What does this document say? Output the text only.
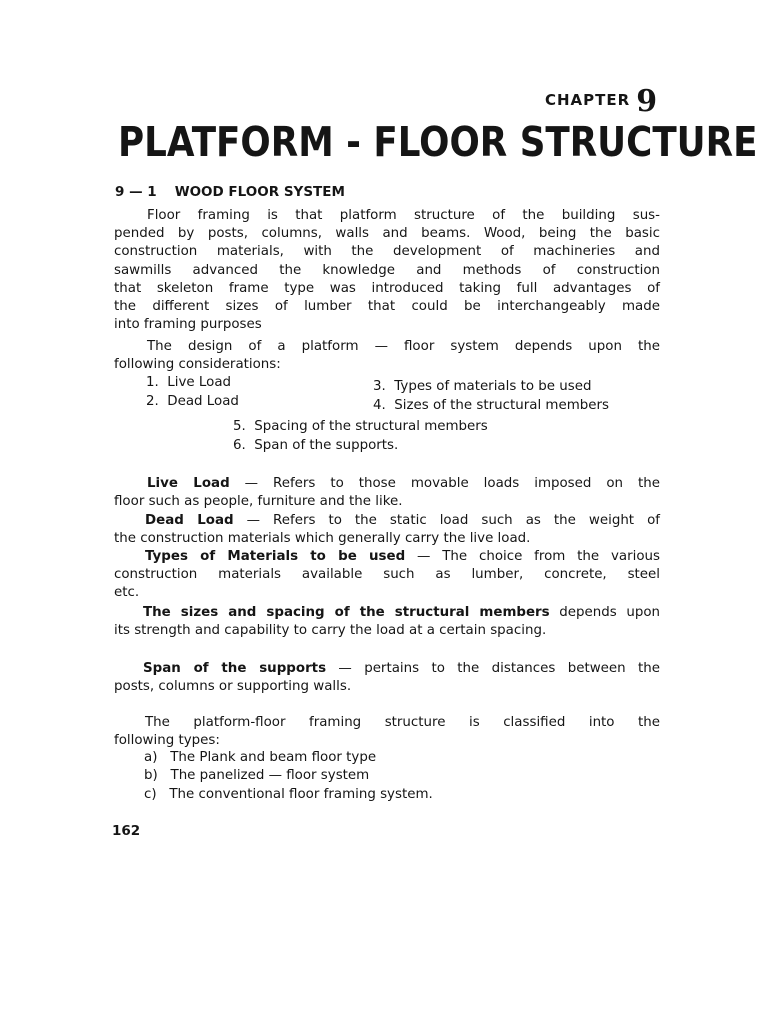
CHAPTER 9
PLATFORM - FLOOR STRUCTURE
9 — 1 WOOD FLOOR SYSTEM
Floor framing is that platform structure of the building sus-
pended by posts, columns, walls and beams. Wood, being the basic
construction materials, with the development of machineries and
sawmills advanced the knowledge and methods of construction
that skeleton frame type was introduced taking full advantages of
the different sizes of lumber that could be interchangeably made
into framing purposes
The design of a platform — floor system depends upon the
following considerations:
1. Live Load
2. Dead Load
3. Types of materials to be used
4. Sizes of the structural members
5. Spacing of the structural members
6. Span of the supports.
Live Load — Refers to those movable loads imposed on the
floor such as people, furniture and the like.
Dead Load — Refers to the static load such as the weight of
the construction materials which generally carry the live load.
Types of Materials to be used — The choice from the various
construction materials available such as lumber, concrete, steel
etc.
The sizes and spacing of the structural members depends upon
its strength and capability to carry the load at a certain spacing.
Span of the supports — pertains to the distances between the
posts, columns or supporting walls.
The platform-floor framing structure is classified into the
following types:
a) The Plank and beam floor type
b) The panelized — floor system
c) The conventional floor framing system.
162
